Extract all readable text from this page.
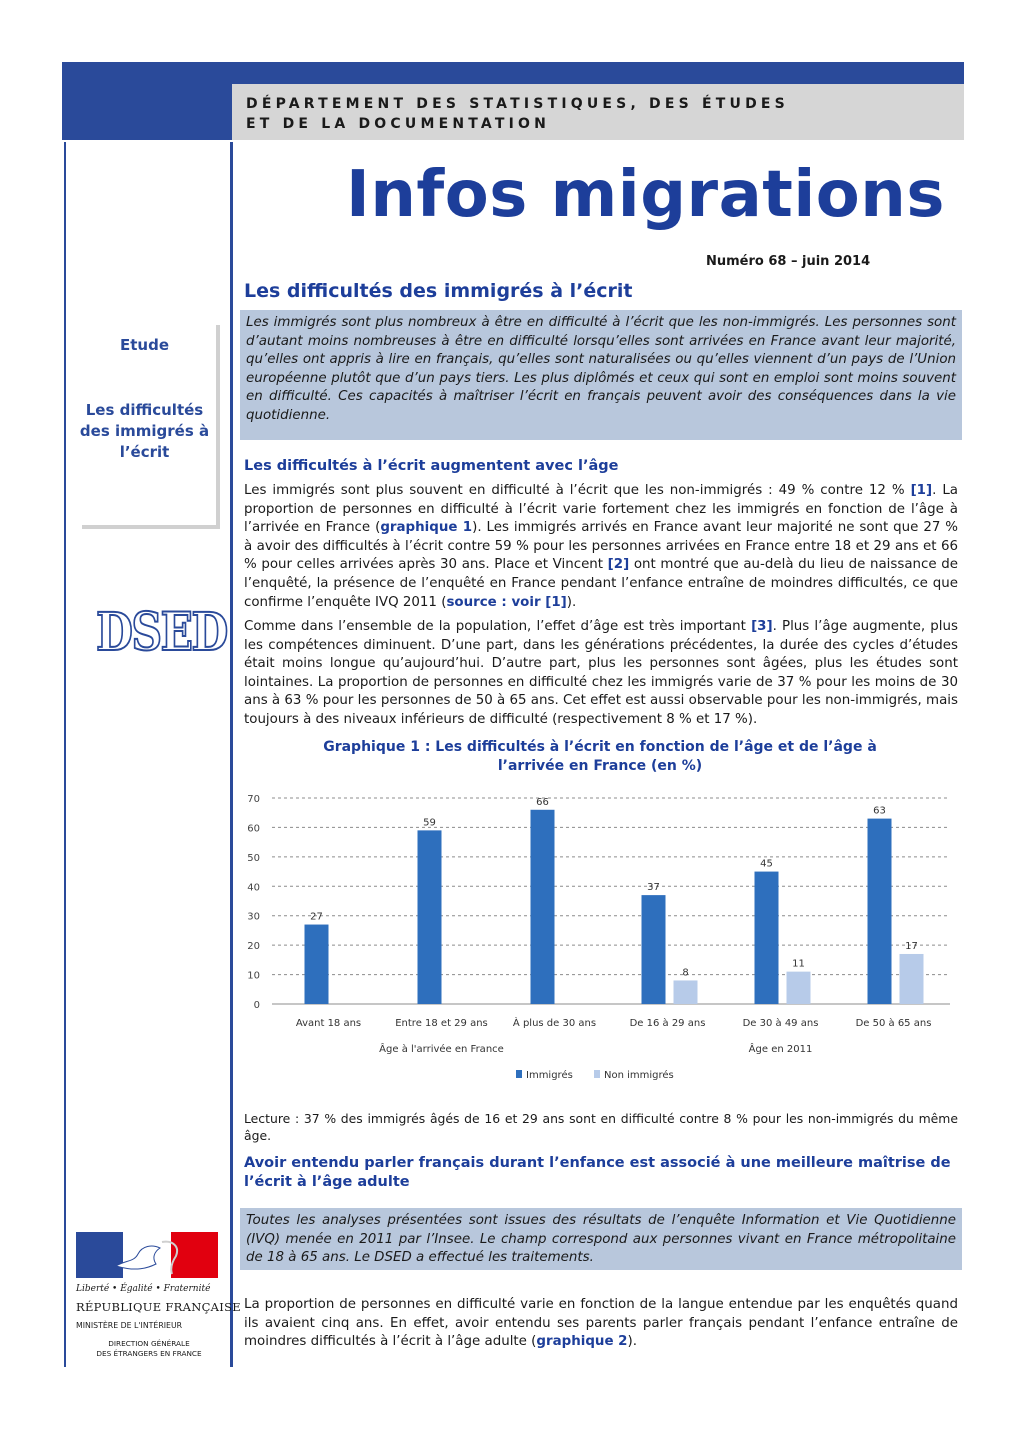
DÉPARTEMENT DES STATISTIQUES, DES ÉTUDES
ET DE LA DOCUMENTATION
Etude
Les difficultés
des immigrés à
l’écrit
DSED
Infos migrations
Numéro 68 – juin 2014
Les difficultés des immigrés à l’écrit
Les immigrés sont plus nombreux à être en difficulté à l’écrit que les non-immigrés. Les personnes sont d’autant moins nombreuses à être en difficulté lorsqu’elles sont arrivées en France avant leur majorité, qu’elles ont appris à lire en français, qu’elles sont naturalisées ou qu’elles viennent d’un pays de l’Union européenne plutôt que d’un pays tiers. Les plus diplômés et ceux qui sont en emploi sont moins souvent en difficulté. Ces capacités à maîtriser l’écrit en français peuvent avoir des conséquences dans la vie quotidienne.
Les difficultés à l’écrit augmentent avec l’âge

Les immigrés sont plus souvent en difficulté à l’écrit que les non-immigrés : 49 % contre 12 % [1]. La proportion de personnes en difficulté à l’écrit varie fortement chez les immigrés en fonction de l’âge à l’arrivée en France (graphique 1). Les immigrés arrivés en France avant leur majorité ne sont que 27 % à avoir des difficultés à l’écrit contre 59 % pour les personnes arrivées en France entre 18 et 29 ans et 66 % pour celles arrivées après 30 ans. Place et Vincent [2] ont montré que au-delà du lieu de naissance de l’enquêté, la présence de l’enquêté en France pendant l’enfance entraîne de moindres difficultés, ce que confirme l’enquête IVQ 2011 (source : voir [1]).

Comme dans l’ensemble de la population, l’effet d’âge est très important [3]. Plus l’âge augmente, plus les compétences diminuent. D’une part, dans les générations précédentes, la durée des cycles d’études était moins longue qu’aujourd’hui. D’autre part, plus les personnes sont âgées, plus les études sont lointaines. La proportion de personnes en difficulté chez les immigrés varie de 37 % pour les moins de 30 ans à 63 % pour les personnes de 50 à 65 ans. Cet effet est aussi observable pour les non-immigrés, mais toujours à des niveaux inférieurs de difficulté (respectivement 8 % et 17 %).

Graphique 1 : Les difficultés à l’écrit en fonction de l’âge et de l’âge à
l’arrivée en France (en %)
0
10
20
30
40
50
60
70
27
Avant 18 ans
59
Entre 18 et 29 ans
66
À plus de 30 ans
37
8
De 16 à 29 ans
45
11
De 30 à 49 ans
63
17
De 50 à 65 ans
Âge à l'arrivée en France	Âge en 2011
Immigrés	Non immigrés
Lecture : 37 % des immigrés âgés de 16 et 29 ans sont en difficulté contre 8 % pour les non-immigrés du même âge.
Avoir entendu parler français durant l’enfance est associé à une meilleure maîtrise de l’écrit à l’âge adulte
Toutes les analyses présentées sont issues des résultats de l’enquête Information et Vie Quotidienne (IVQ) menée en 2011 par l’Insee. Le champ correspond aux personnes vivant en France métropolitaine de 18 à 65 ans. Le DSED a effectué les traitements.

La proportion de personnes en difficulté varie en fonction de la langue entendue par les enquêtés quand ils avaient cinq ans. En effet, avoir entendu ses parents parler français pendant l’enfance entraîne de moindres difficultés à l’écrit à l’âge adulte (graphique 2).

Liberté • Égalité • Fraternité
RÉPUBLIQUE FRANÇAISE
MINISTÈRE DE L'INTÉRIEUR
DIRECTION GÉNÉRALE
DES ÉTRANGERS EN FRANCE
